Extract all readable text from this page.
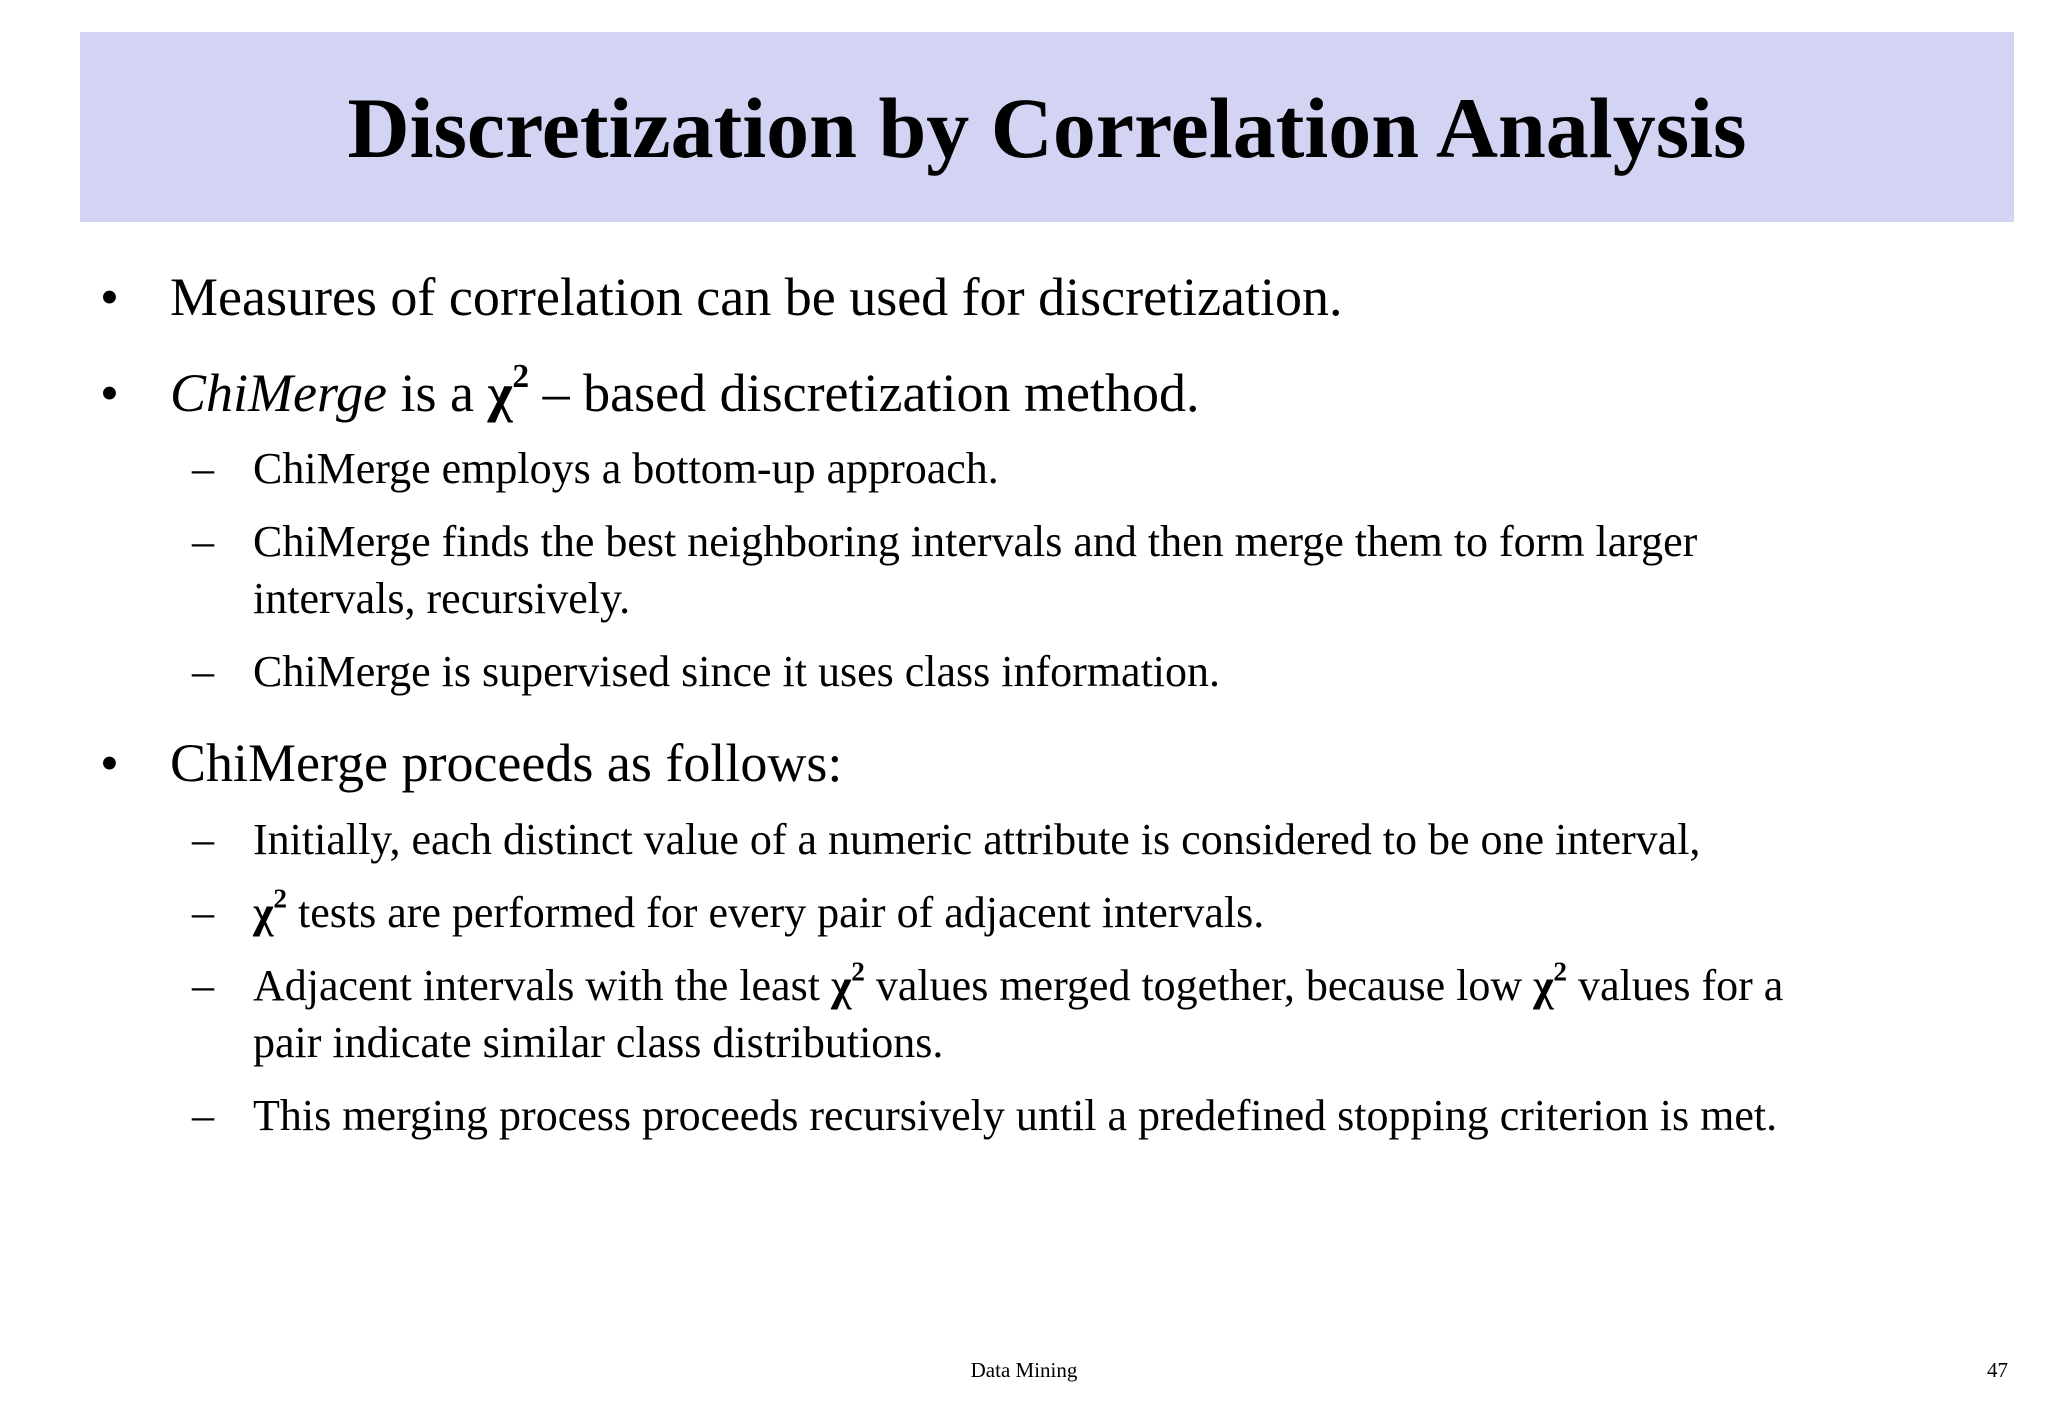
Discretization by Correlation Analysis
• Measures of correlation can be used for discretization.
• ChiMerge is a $\chi^2$ – based discretization method.
– ChiMerge employs a bottom-up approach.
– ChiMerge finds the best neighboring intervals and then merge them to form larger
intervals, recursively.
– ChiMerge is supervised since it uses class information.
• ChiMerge proceeds as follows:
– Initially, each distinct value of a numeric attribute is considered to be one interval,
– $\chi^2$ tests are performed for every pair of adjacent intervals.
– Adjacent intervals with the least $\chi^2$ values merged together, because low $\chi^2$ values for a
pair indicate similar class distributions.
– This merging process proceeds recursively until a predefined stopping criterion is met.
Data Mining	47
